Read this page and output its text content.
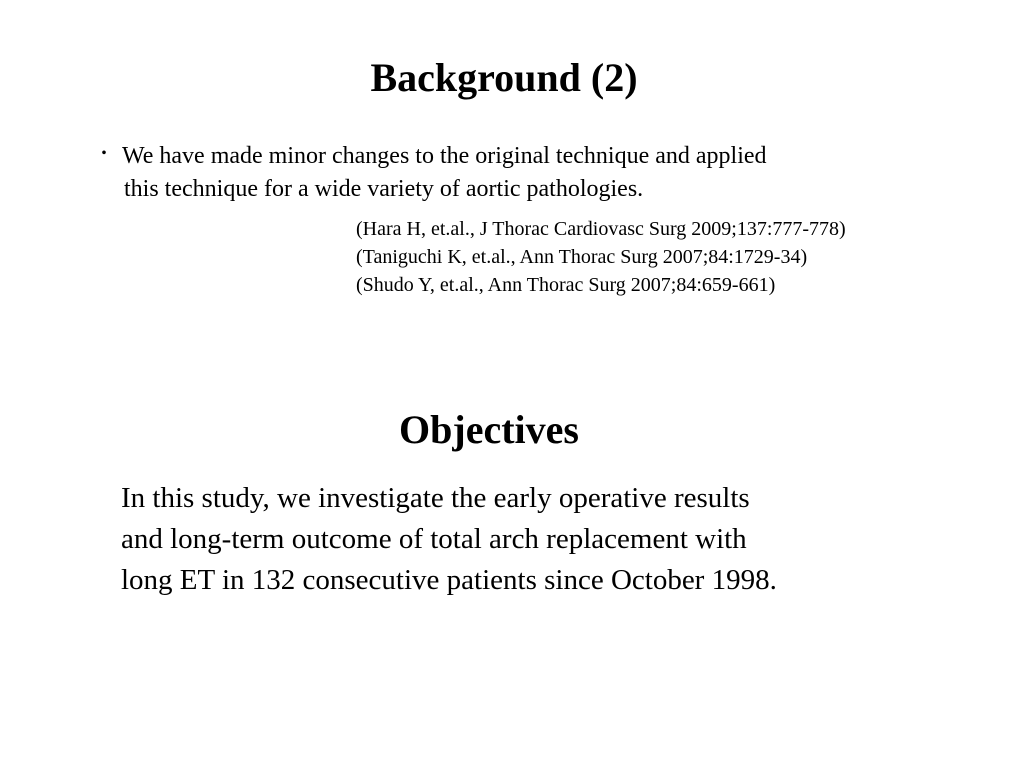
Background (2)
・ We have made minor changes to the original technique and applied
this technique for a wide variety of aortic pathologies.
(Hara H, et.al., J Thorac Cardiovasc Surg 2009;137:777-778)
(Taniguchi K, et.al., Ann Thorac Surg 2007;84:1729-34)
(Shudo Y, et.al., Ann Thorac Surg 2007;84:659-661)
Objectives
In this study, we investigate the early operative results
and long-term outcome of total arch replacement with
long ET in 132 consecutive patients since October 1998.
